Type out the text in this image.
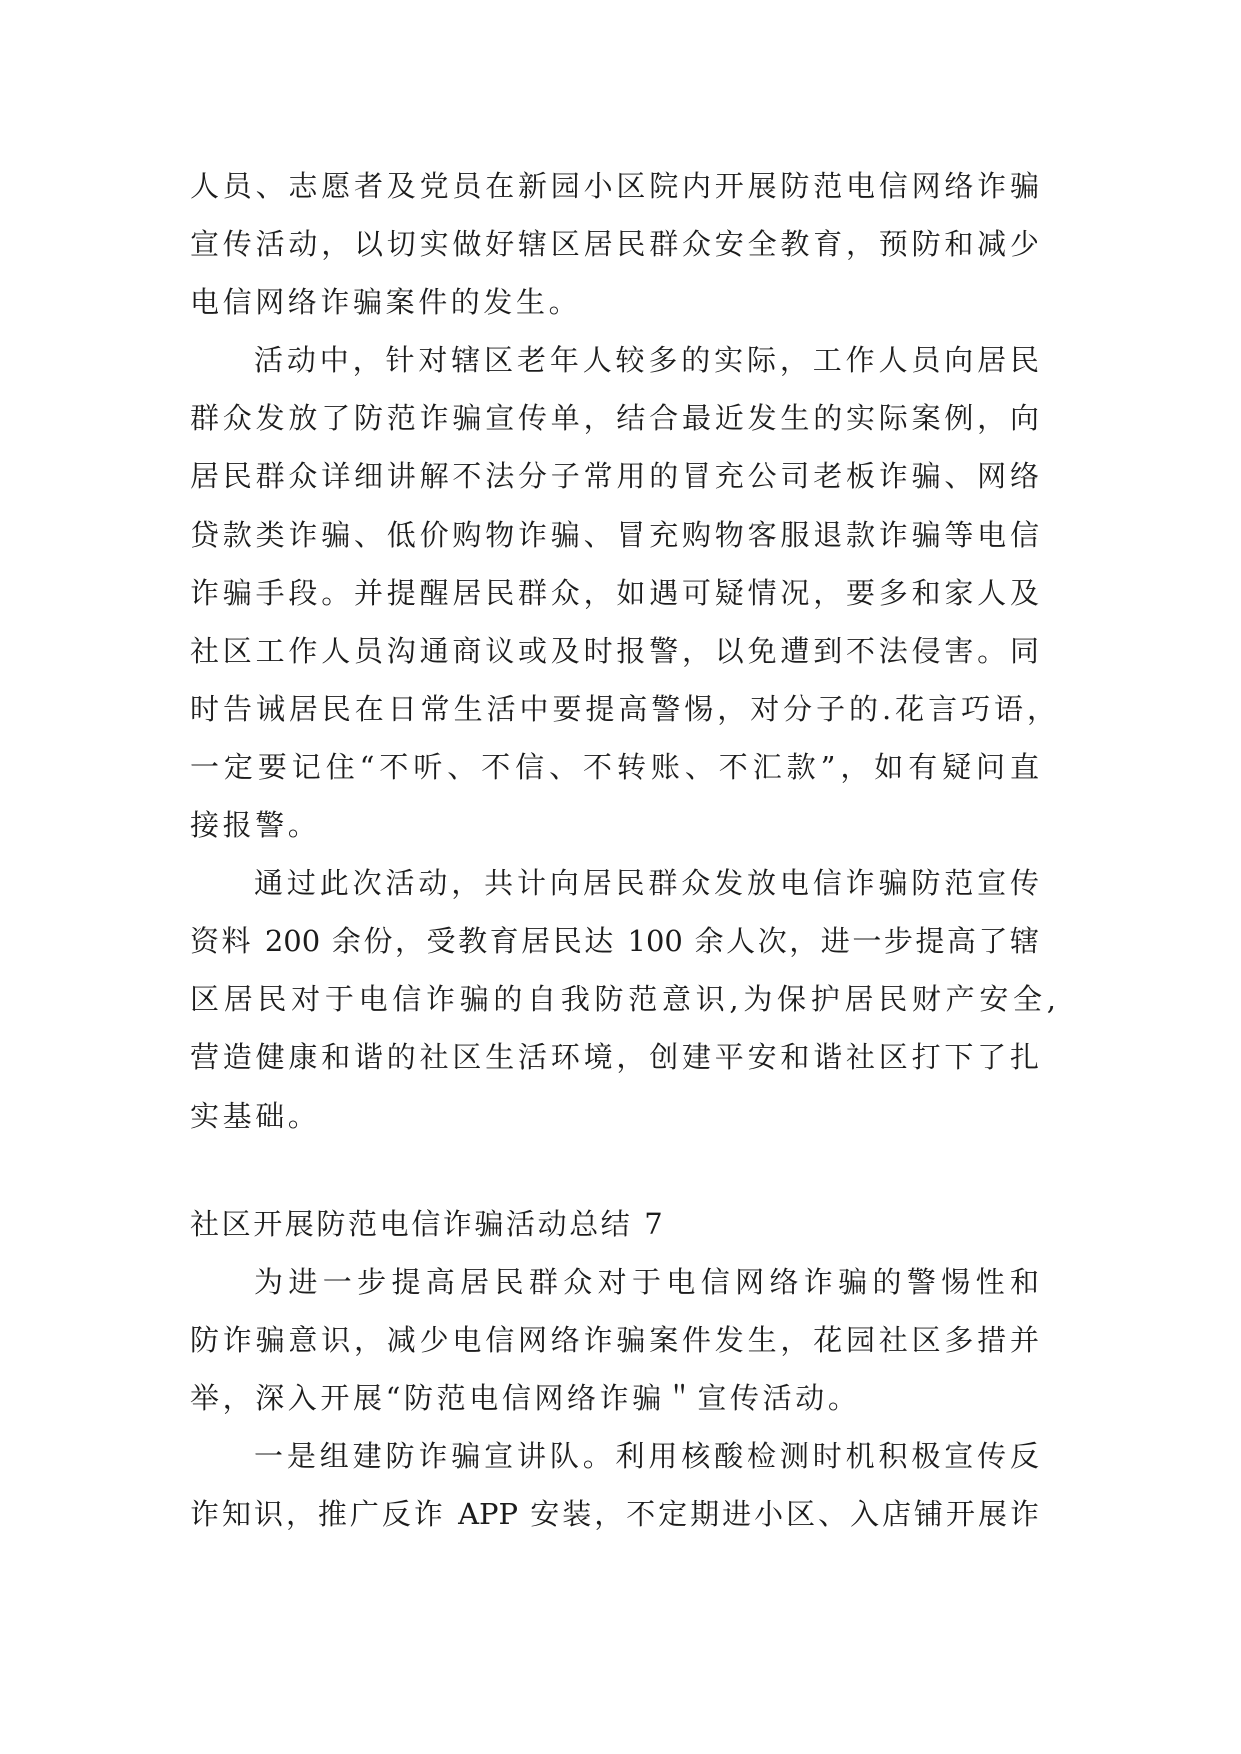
人员、志愿者及党员在新园小区院内开展防范电信网络诈骗
宣传活动，以切实做好辖区居民群众安全教育，预防和减少
电信网络诈骗案件的发生。
活动中，针对辖区老年人较多的实际，工作人员向居民
群众发放了防范诈骗宣传单，结合最近发生的实际案例，向
居民群众详细讲解不法分子常用的冒充公司老板诈骗、网络
贷款类诈骗、低价购物诈骗、冒充购物客服退款诈骗等电信
诈骗手段。并提醒居民群众，如遇可疑情况，要多和家人及
社区工作人员沟通商议或及时报警，以免遭到不法侵害。同
时告诫居民在日常生活中要提高警惕，对分子的.花言巧语，
一定要记住“不听、不信、不转账、不汇款”，如有疑问直
接报警。
通过此次活动，共计向居民群众发放电信诈骗防范宣传
资料 200 余份，受教育居民达 100 余人次，进一步提高了辖
区居民对于电信诈骗的自我防范意识,为保护居民财产安全,
营造健康和谐的社区生活环境，创建平安和谐社区打下了扎
实基础。
社区开展防范电信诈骗活动总结 7
为进一步提高居民群众对于电信网络诈骗的警惕性和
防诈骗意识，减少电信网络诈骗案件发生，花园社区多措并
举，深入开展“防范电信网络诈骗＂宣传活动。
一是组建防诈骗宣讲队。利用核酸检测时机积极宣传反
诈知识，推广反诈 APP 安装，不定期进小区、入店铺开展诈
